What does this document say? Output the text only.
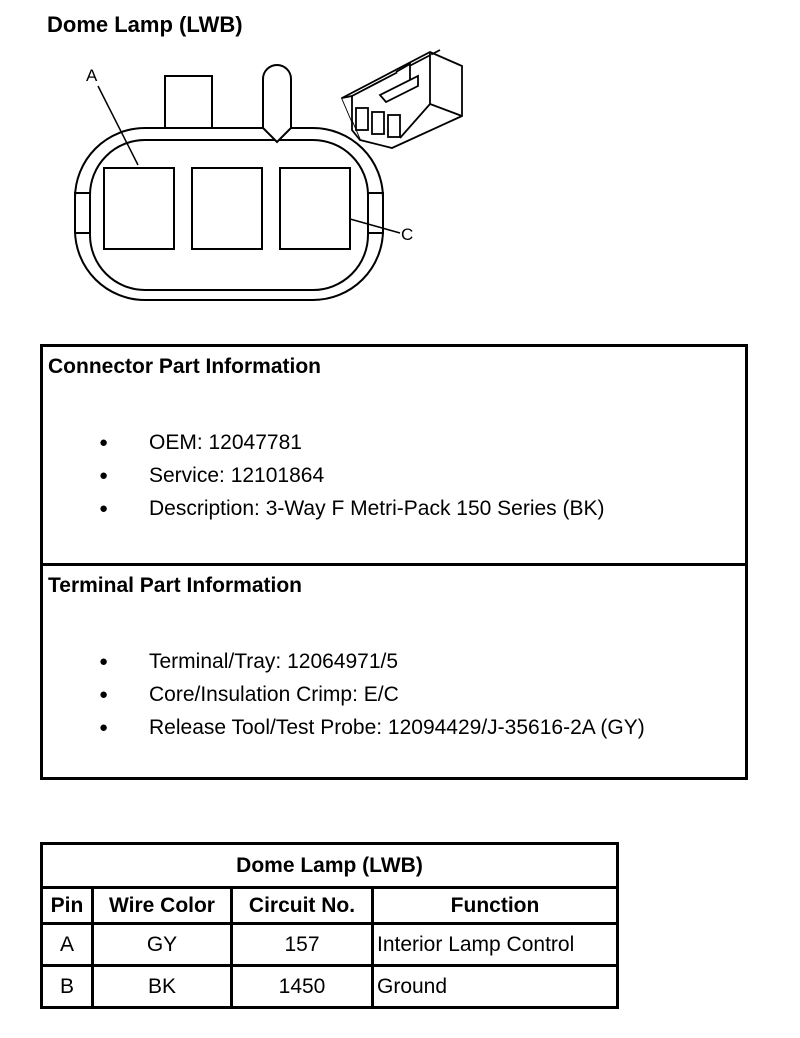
Dome Lamp (LWB)
A
C
Connector Part Information
● OEM: 12047781
● Service: 12101864
● Description: 3-Way F Metri-Pack 150 Series (BK)
Terminal Part Information
● Terminal/Tray: 12064971/5
● Core/Insulation Crimp: E/C
● Release Tool/Test Probe: 12094429/J-35616-2A (GY)
Dome Lamp (LWB)			
Pin	Wire Color	Circuit No.	Function
A	GY	157	Interior Lamp Control
B	BK	1450	Ground
